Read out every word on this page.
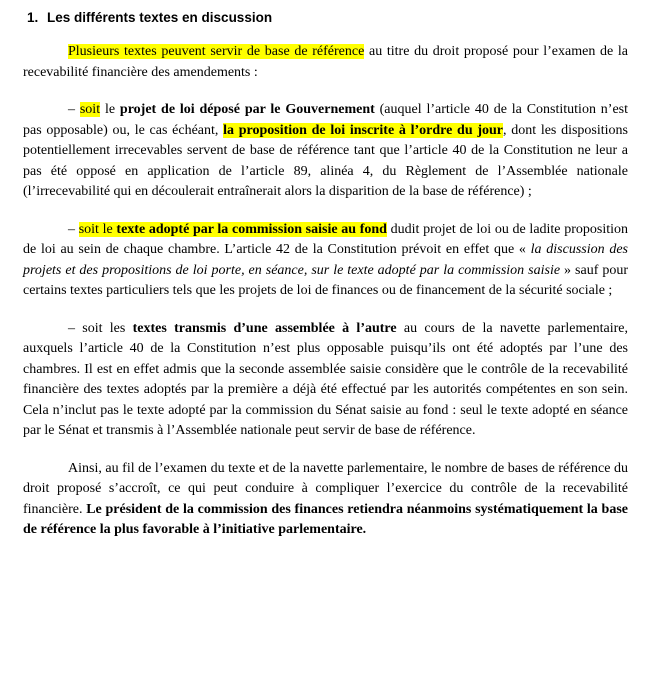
1. Les différents textes en discussion

Plusieurs textes peuvent servir de base de référence au titre du droit proposé pour l’examen de la recevabilité financière des amendements :

– soit le projet de loi déposé par le Gouvernement (auquel l’article 40 de la Constitution n’est pas opposable) ou, le cas échéant, la proposition de loi inscrite à l’ordre du jour, dont les dispositions potentiellement irrecevables servent de base de référence tant que l’article 40 de la Constitution ne leur a pas été opposé en application de l’article 89, alinéa 4, du Règlement de l’Assemblée nationale (l’irrecevabilité qui en découlerait entraînerait alors la disparition de la base de référence) ;

– soit le texte adopté par la commission saisie au fond dudit projet de loi ou de ladite proposition de loi au sein de chaque chambre. L’article 42 de la Constitution prévoit en effet que « la discussion des projets et des propositions de loi porte, en séance, sur le texte adopté par la commission saisie » sauf pour certains textes particuliers tels que les projets de loi de finances ou de financement de la sécurité sociale ;

– soit les textes transmis d’une assemblée à l’autre au cours de la navette parlementaire, auxquels l’article 40 de la Constitution n’est plus opposable puisqu’ils ont été adoptés par l’une des chambres. Il est en effet admis que la seconde assemblée saisie considère que le contrôle de la recevabilité financière des textes adoptés par la première a déjà été effectué par les autorités compétentes en son sein. Cela n’inclut pas le texte adopté par la commission du Sénat saisie au fond : seul le texte adopté en séance par le Sénat et transmis à l’Assemblée nationale peut servir de base de référence.

Ainsi, au fil de l’examen du texte et de la navette parlementaire, le nombre de bases de référence du droit proposé s’accroît, ce qui peut conduire à compliquer l’exercice du contrôle de la recevabilité financière. Le président de la commission des finances retiendra néanmoins systématiquement la base de référence la plus favorable à l’initiative parlementaire.
